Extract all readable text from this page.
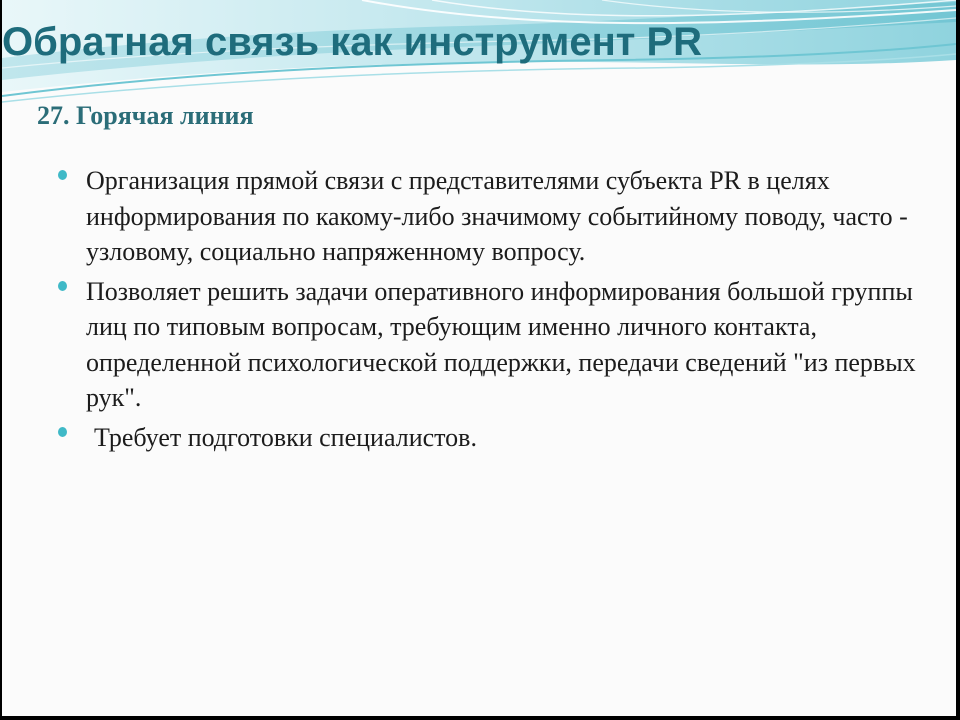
Обратная связь как инструмент PR
27. Горячая линия
Организация прямой связи с представителями субъекта PR в целях информирования по какому-либо значимому событийному поводу, часто - узловому, социально напряженному вопросу.
Позволяет решить задачи оперативного информирования большой группы лиц по типовым вопросам, требующим именно личного контакта, определенной психологической поддержки, передачи сведений "из первых рук".
Требует подготовки специалистов.
